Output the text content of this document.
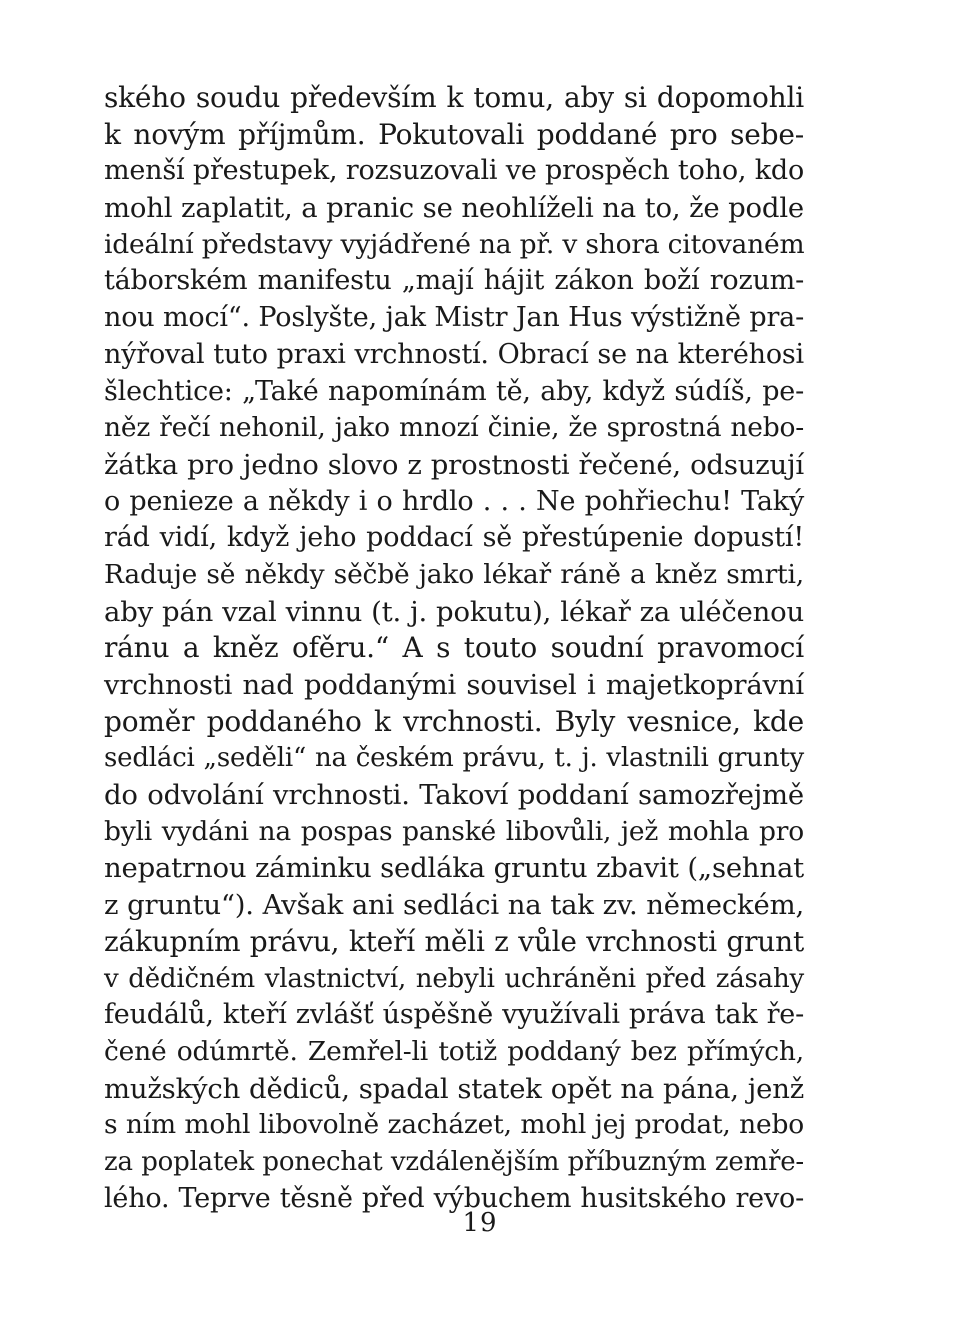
ského soudu především k tomu, aby si dopomohli
k novým příjmům. Pokutovali poddané pro sebe-
menší přestupek, rozsuzovali ve prospěch toho, kdo
mohl zaplatit, a pranic se neohlíželi na to, že podle
ideální představy vyjádřené na př. v shora citovaném
táborském manifestu „mají hájit zákon boží rozum-
nou mocí“. Poslyšte, jak Mistr Jan Hus výstižně pra-
nýřoval tuto praxi vrchností. Obrací se na kteréhosi
šlechtice: „Také napomínám tě, aby, když súdíš, pe-
něz řečí nehonil, jako mnozí činie, že sprostná nebo-
žátka pro jedno slovo z prostnosti řečené, odsuzují
o penieze a někdy i o hrdlo . . . Ne pohřiechu! Taký
rád vidí, když jeho poddací sě přestúpenie dopustí!
Raduje sě někdy sěčbě jako lékař ráně a kněz smrti,
aby pán vzal vinnu (t. j. pokutu), lékař za uléčenou
ránu a kněz ofěru.“ A s touto soudní pravomocí
vrchnosti nad poddanými souvisel i majetkoprávní
poměr poddaného k vrchnosti. Byly vesnice, kde
sedláci „seděli“ na českém právu, t. j. vlastnili grunty
do odvolání vrchnosti. Takoví poddaní samozřejmě
byli vydáni na pospas panské libovůli, jež mohla pro
nepatrnou záminku sedláka gruntu zbavit („sehnat
z gruntu“). Avšak ani sedláci na tak zv. německém,
zákupním právu, kteří měli z vůle vrchnosti grunt
v dědičném vlastnictví, nebyli uchráněni před zásahy
feudálů, kteří zvlášť úspěšně využívali práva tak ře-
čené odúmrtě. Zemřel-li totiž poddaný bez přímých,
mužských dědiců, spadal statek opět na pána, jenž
s ním mohl libovolně zacházet, mohl jej prodat, nebo
za poplatek ponechat vzdálenějším příbuzným zemře-
lého. Teprve těsně před výbuchem husitského revo-
19
